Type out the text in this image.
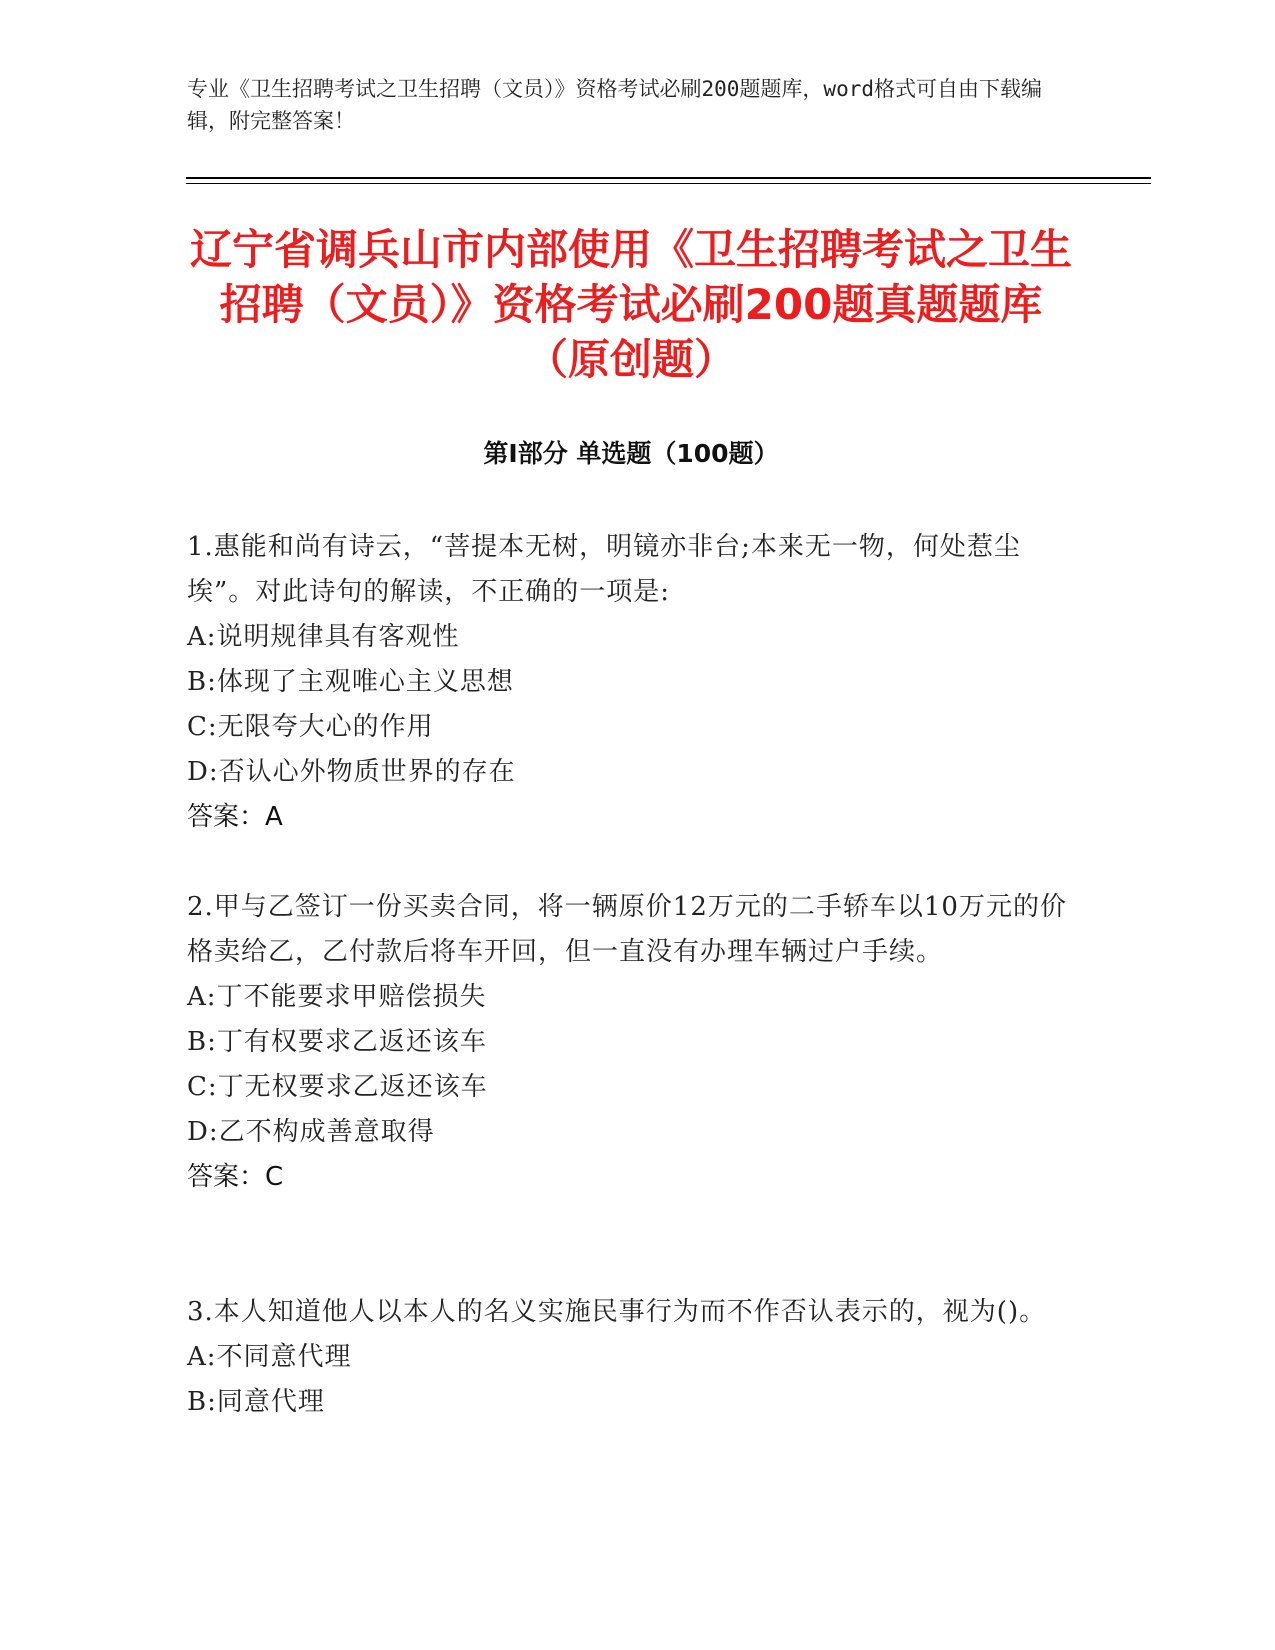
专业《卫生招聘考试之卫生招聘（文员）》资格考试必刷200题题库，word格式可自由下载编辑，附完整答案！

辽宁省调兵山市内部使用《卫生招聘考试之卫生招聘（文员）》资格考试必刷200题真题题库（原创题）
第Ⅰ部分 单选题（100题）

1.惠能和尚有诗云，“菩提本无树，明镜亦非台;本来无一物，何处惹尘埃”。对此诗句的解读，不正确的一项是:

A:说明规律具有客观性

B:体现了主观唯心主义思想

C:无限夸大心的作用

D:否认心外物质世界的存在

答案：A

2.甲与乙签订一份买卖合同，将一辆原价12万元的二手轿车以10万元的价格卖给乙，乙付款后将车开回，但一直没有办理车辆过户手续。

A:丁不能要求甲赔偿损失

B:丁有权要求乙返还该车

C:丁无权要求乙返还该车

D:乙不构成善意取得

答案：C

3.本人知道他人以本人的名义实施民事行为而不作否认表示的，视为()。

A:不同意代理

B:同意代理
